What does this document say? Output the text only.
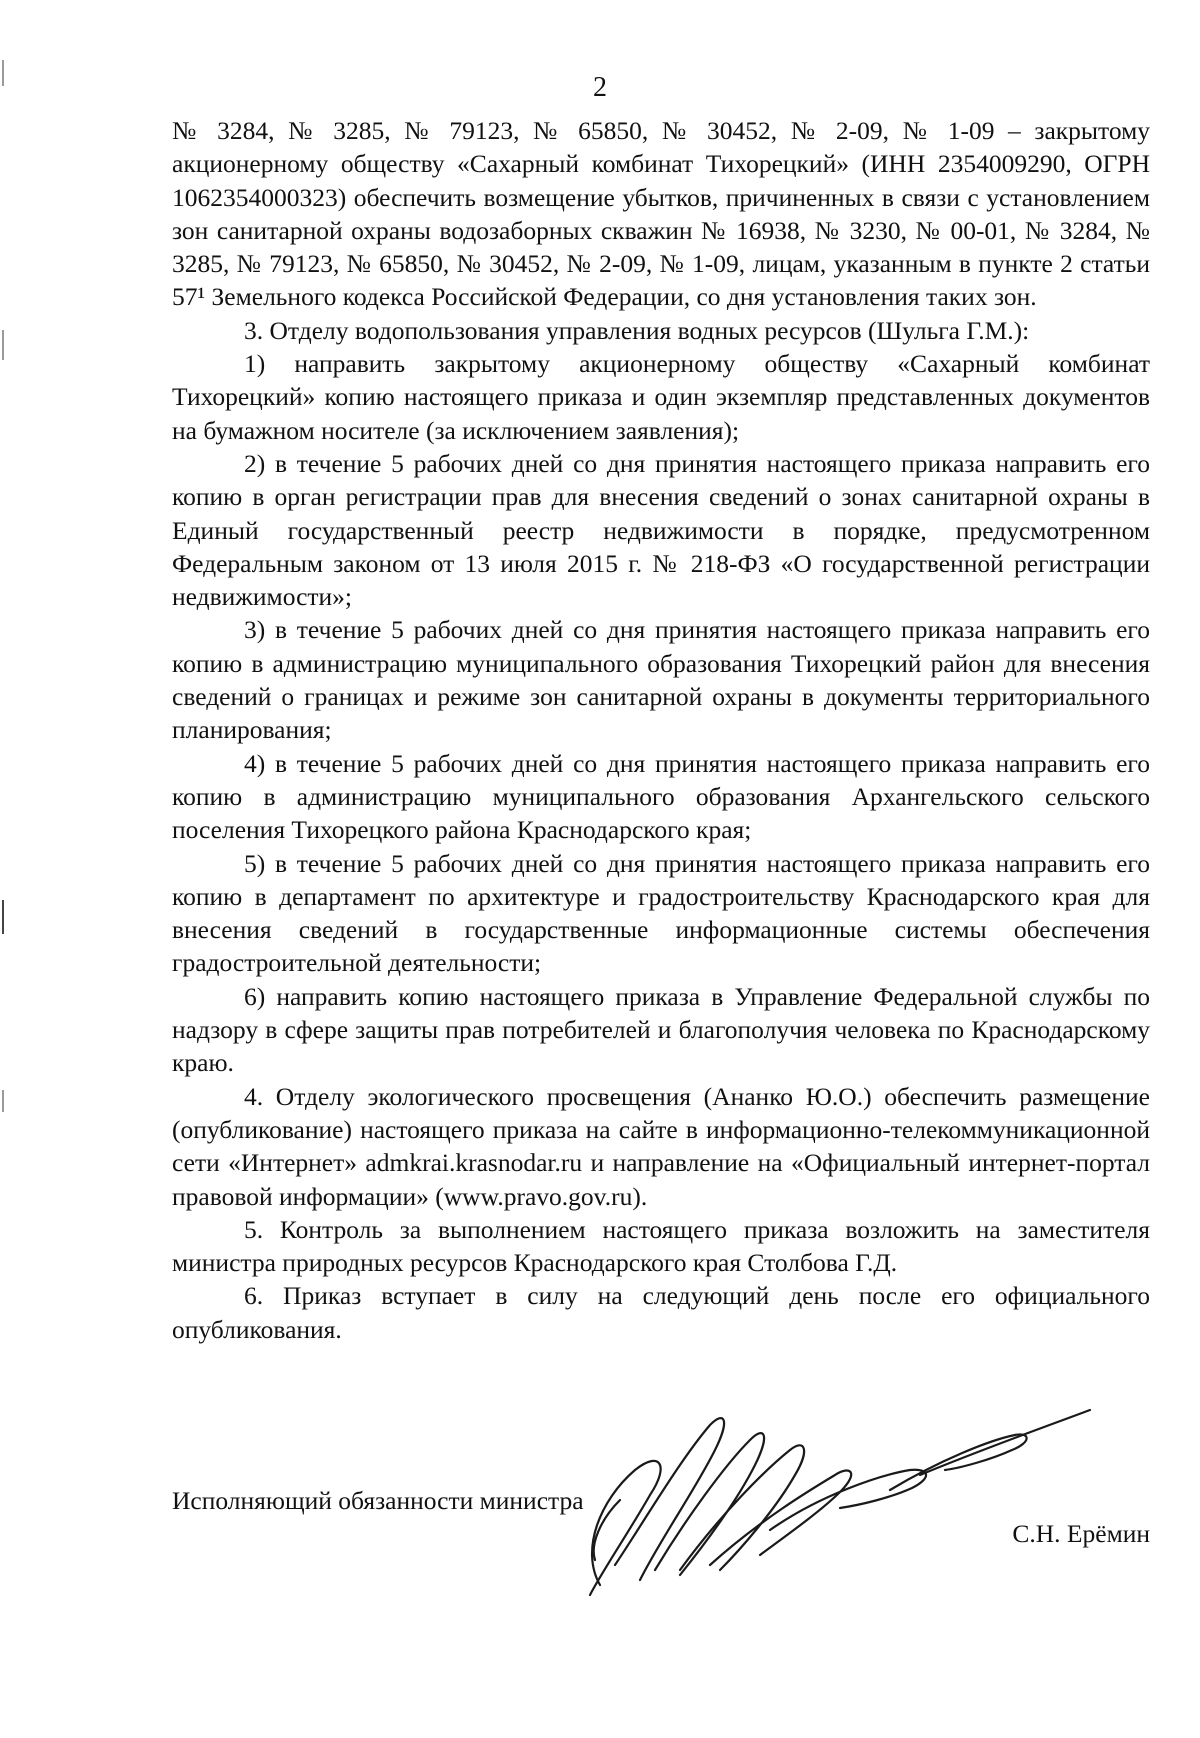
2

№ 3284, № 3285, № 79123, № 65850, № 30452, № 2-09, № 1-09 – закрытому акционерному обществу «Сахарный комбинат Тихорецкий» (ИНН 2354009290, ОГРН 1062354000323) обеспечить возмещение убытков, причиненных в связи с установлением зон санитарной охраны водозаборных скважин № 16938, № 3230, № 00-01, № 3284, № 3285, № 79123, № 65850, № 30452, № 2-09, № 1-09, лицам, указанным в пункте 2 статьи 57¹ Земельного кодекса Российской Федерации, со дня установления таких зон.

3. Отделу водопользования управления водных ресурсов (Шульга Г.М.):

1) направить закрытому акционерному обществу «Сахарный комбинат Тихорецкий» копию настоящего приказа и один экземпляр представленных документов на бумажном носителе (за исключением заявления);

2) в течение 5 рабочих дней со дня принятия настоящего приказа направить его копию в орган регистрации прав для внесения сведений о зонах санитарной охраны в Единый государственный реестр недвижимости в порядке, предусмотренном Федеральным законом от 13 июля 2015 г. № 218-ФЗ «О государственной регистрации недвижимости»;

3) в течение 5 рабочих дней со дня принятия настоящего приказа направить его копию в администрацию муниципального образования Тихорецкий район для внесения сведений о границах и режиме зон санитарной охраны в документы территориального планирования;

4) в течение 5 рабочих дней со дня принятия настоящего приказа направить его копию в администрацию муниципального образования Архангельского сельского поселения Тихорецкого района Краснодарского края;

5) в течение 5 рабочих дней со дня принятия настоящего приказа направить его копию в департамент по архитектуре и градостроительству Краснодарского края для внесения сведений в государственные информационные системы обеспечения градостроительной деятельности;

6) направить копию настоящего приказа в Управление Федеральной службы по надзору в сфере защиты прав потребителей и благополучия человека по Краснодарскому краю.

4. Отделу экологического просвещения (Ананко Ю.О.) обеспечить размещение (опубликование) настоящего приказа на сайте в информационно-телекоммуникационной сети «Интернет» admkrai.krasnodar.ru и направление на «Официальный интернет-портал правовой информации» (www.pravo.gov.ru).

5. Контроль за выполнением настоящего приказа возложить на заместителя министра природных ресурсов Краснодарского края Столбова Г.Д.

6. Приказ вступает в силу на следующий день после его официального опубликования.

Исполняющий обязанности министра
С.Н. Ерёмин
